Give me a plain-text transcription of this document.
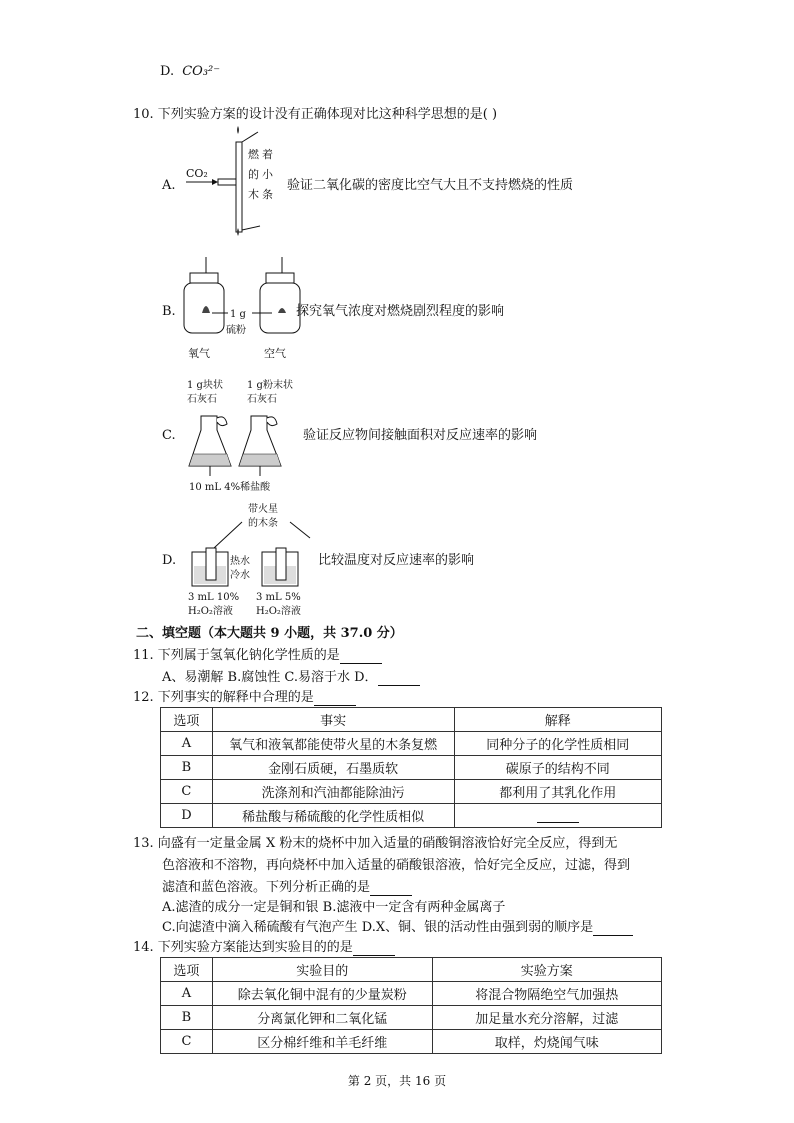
D. CO₃²⁻
10. 下列实验方案的设计没有正确体现对比这种科学思想的是( )
A.
CO₂
燃 着
的 小
木 条
验证二氧化碳的密度比空气大且不支持燃烧的性质
B.	1 g
硫粉
氧气	空气
探究氧气浓度对燃烧剧烈程度的影响
C.
1 g块状
石灰石
1 g粉末状
石灰石
10 mL 4%稀盐酸
验证反应物间接触面积对反应速率的影响
D.
带火星
的木条
热水
冷水
3 mL 10%
H₂O₂溶液
3 mL 5%
H₂O₂溶液
比较温度对反应速率的影响
二、填空题（本大题共 9 小题，共 37.0 分）
11. 下列属于氢氧化钠化学性质的是
A、易潮解 B.腐蚀性 C.易溶于水 D．
12. 下列事实的解释中合理的是
选项	事实	解释
A	氧气和液氧都能使带火星的木条复燃	同种分子的化学性质相同
B	金刚石质硬，石墨质软	碳原子的结构不同
C	洗涤剂和汽油都能除油污	都利用了其乳化作用
D	稀盐酸与稀硫酸的化学性质相似	
13. 向盛有一定量金属 X 粉末的烧杯中加入适量的硝酸铜溶液恰好完全反应，得到无
色溶液和不溶物，再向烧杯中加入适量的硝酸银溶液，恰好完全反应，过滤，得到
滤渣和蓝色溶液。下列分析正确的是
A.滤渣的成分一定是铜和银 B.滤液中一定含有两种金属离子
C.向滤渣中滴入稀硫酸有气泡产生 D.X、铜、银的活动性由强到弱的顺序是
14. 下列实验方案能达到实验目的的是
选项	实验目的	实验方案
A	除去氧化铜中混有的少量炭粉	将混合物隔绝空气加强热
B	分离氯化钾和二氧化锰	加足量水充分溶解，过滤
C	区分棉纤维和羊毛纤维	取样，灼烧闻气味
第 2 页，共 16 页
